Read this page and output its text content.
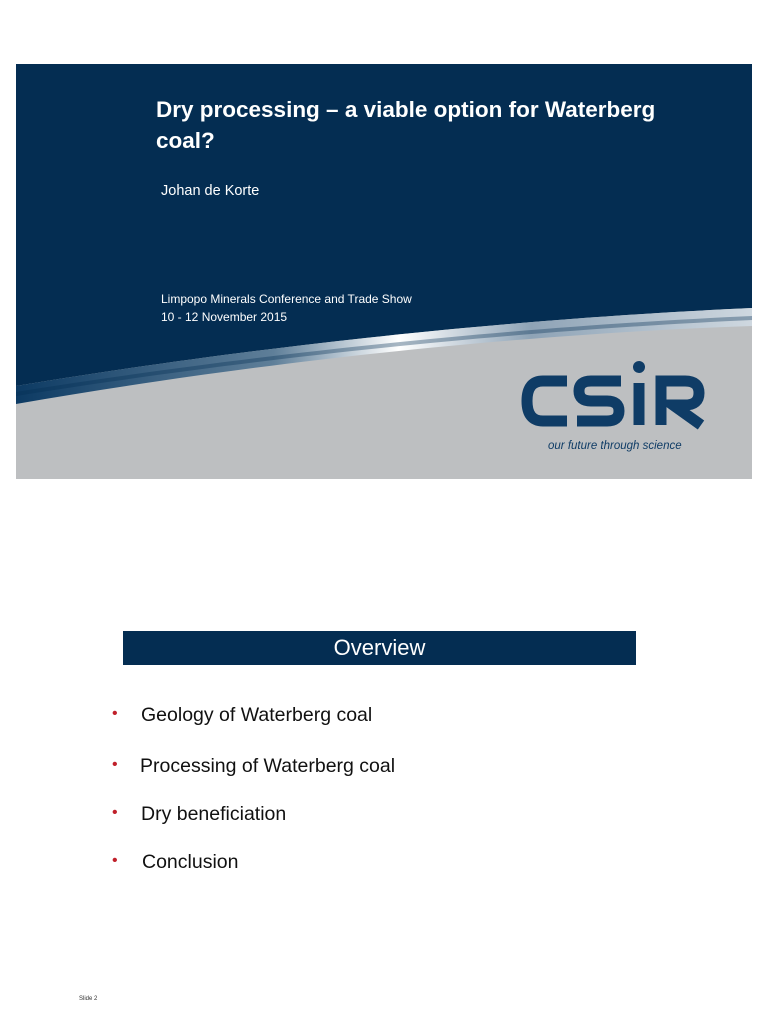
Dry processing – a viable option for Waterberg coal?
Johan de Korte
Limpopo Minerals Conference and Trade Show
10 - 12 November 2015
CSIR
our future through science
Overview
• Geology of Waterberg coal
• Processing of Waterberg coal
• Dry beneficiation
• Conclusion
Slide 2
